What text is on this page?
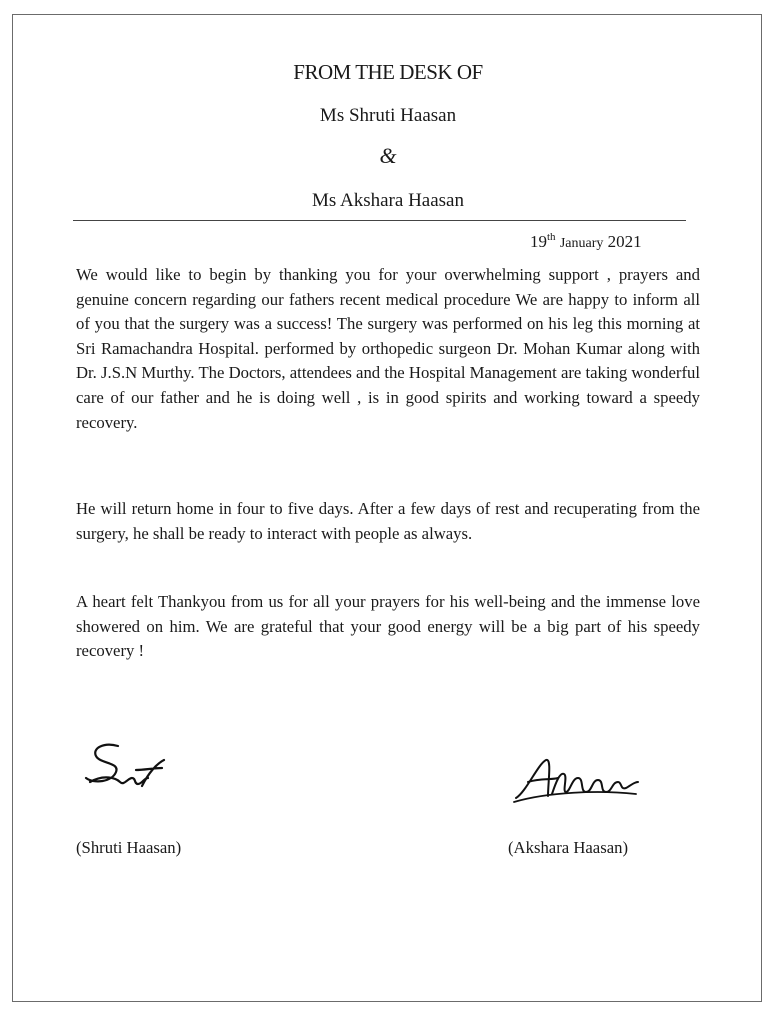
FROM THE DESK OF
Ms Shruti Haasan
&
Ms Akshara Haasan
19th January 2021

We would like to begin by thanking you for your overwhelming support , prayers and genuine concern regarding our fathers recent medical procedure We are happy to inform all of you that the surgery was a success! The surgery was performed on his leg this morning at Sri Ramachandra Hospital. performed by orthopedic surgeon Dr. Mohan Kumar along with Dr. J.S.N Murthy. The Doctors, attendees and the Hospital Management are taking wonderful care of our father and he is doing well , is in good spirits and working toward a speedy recovery.

He will return home in four to five days. After a few days of rest and recuperating from the surgery, he shall be ready to interact with people as always.

A heart felt Thankyou from us for all your prayers for his well-being and the immense love showered on him. We are grateful that your good energy will be a big part of his speedy recovery !

(Shruti Haasan)	(Akshara Haasan)
